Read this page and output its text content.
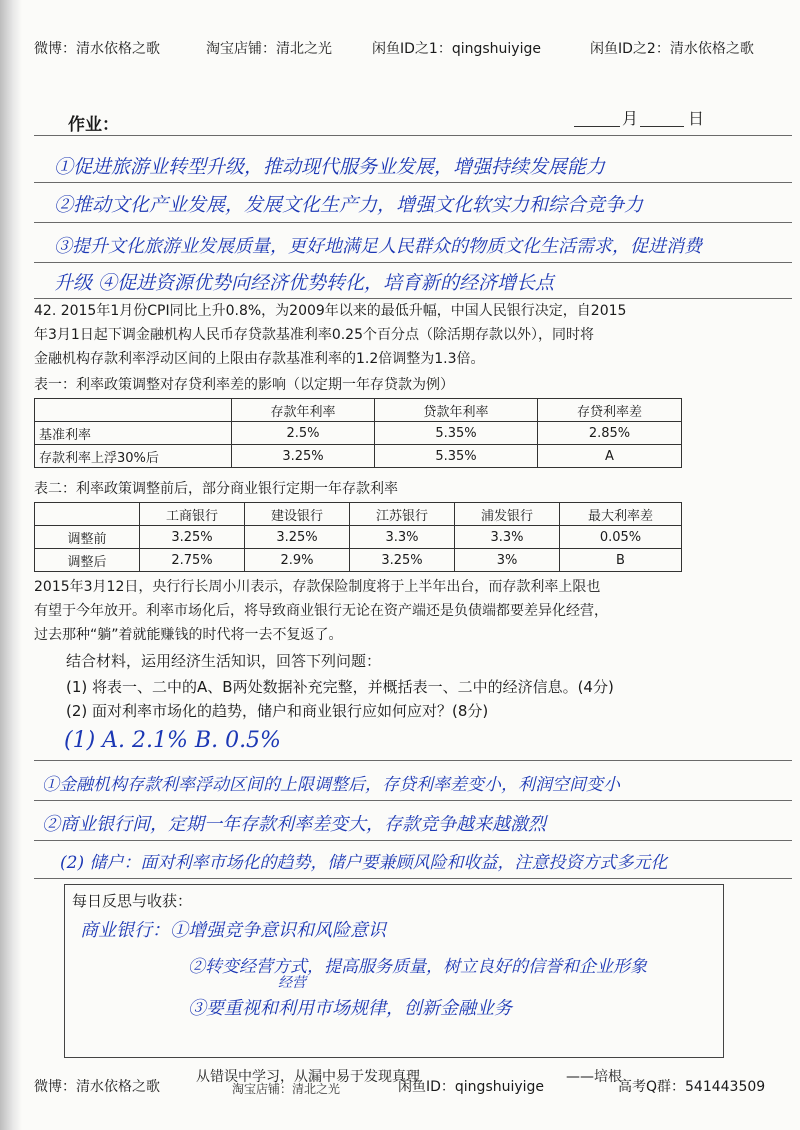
微博：清水依格之歌	淘宝店铺：清北之光	闲鱼ID之1：qingshuiyige	闲鱼ID之2：清水依格之歌
作业：	月	日
①促进旅游业转型升级，推动现代服务业发展，增强持续发展能力
②推动文化产业发展，发展文化生产力，增强文化软实力和综合竞争力
③提升文化旅游业发展质量，更好地满足人民群众的物质文化生活需求，促进消费
升级 ④促进资源优势向经济优势转化，培育新的经济增长点
42. 2015年1月份CPI同比上升0.8%，为2009年以来的最低升幅，中国人民银行决定，自2015
年3月1日起下调金融机构人民币存贷款基准利率0.25个百分点（除活期存款以外），同时将
金融机构存款利率浮动区间的上限由存款基准利率的1.2倍调整为1.3倍。
表一：利率政策调整对存贷利率差的影响（以定期一年存贷款为例）
	存款年利率	贷款年利率	存贷利率差
基准利率	2.5%	5.35%	2.85%
存款利率上浮30%后	3.25%	5.35%	A
表二：利率政策调整前后，部分商业银行定期一年存款利率
	工商银行	建设银行	江苏银行	浦发银行	最大利率差
调整前	3.25%	3.25%	3.3%	3.3%	0.05%
调整后	2.75%	2.9%	3.25%	3%	B
2015年3月12日，央行行长周小川表示，存款保险制度将于上半年出台，而存款利率上限也
有望于今年放开。利率市场化后，将导致商业银行无论在资产端还是负债端都要差异化经营，
过去那种“躺”着就能赚钱的时代将一去不复返了。
结合材料，运用经济生活知识，回答下列问题：
(1) 将表一、二中的A、B两处数据补充完整，并概括表一、二中的经济信息。(4分)
(2) 面对利率市场化的趋势，储户和商业银行应如何应对？(8分)
(1) A. 2.1% B. 0.5%
①金融机构存款利率浮动区间的上限调整后，存贷利率差变小，利润空间变小
②商业银行间，定期一年存款利率差变大，存款竞争越来越激烈
(2) 储户：面对利率市场化的趋势，储户要兼顾风险和收益，注意投资方式多元化
每日反思与收获：
商业银行：①增强竞争意识和风险意识
②转变经营方式，提高服务质量，树立良好的信誉和企业形象
经营
③要重视和利用市场规律，创新金融业务
微博：清水依格之歌
从错误中学习，从漏中易于发现真理
淘宝店铺：清北之光	闲鱼ID：qingshuiyige
——培根
高考Q群：541443509
